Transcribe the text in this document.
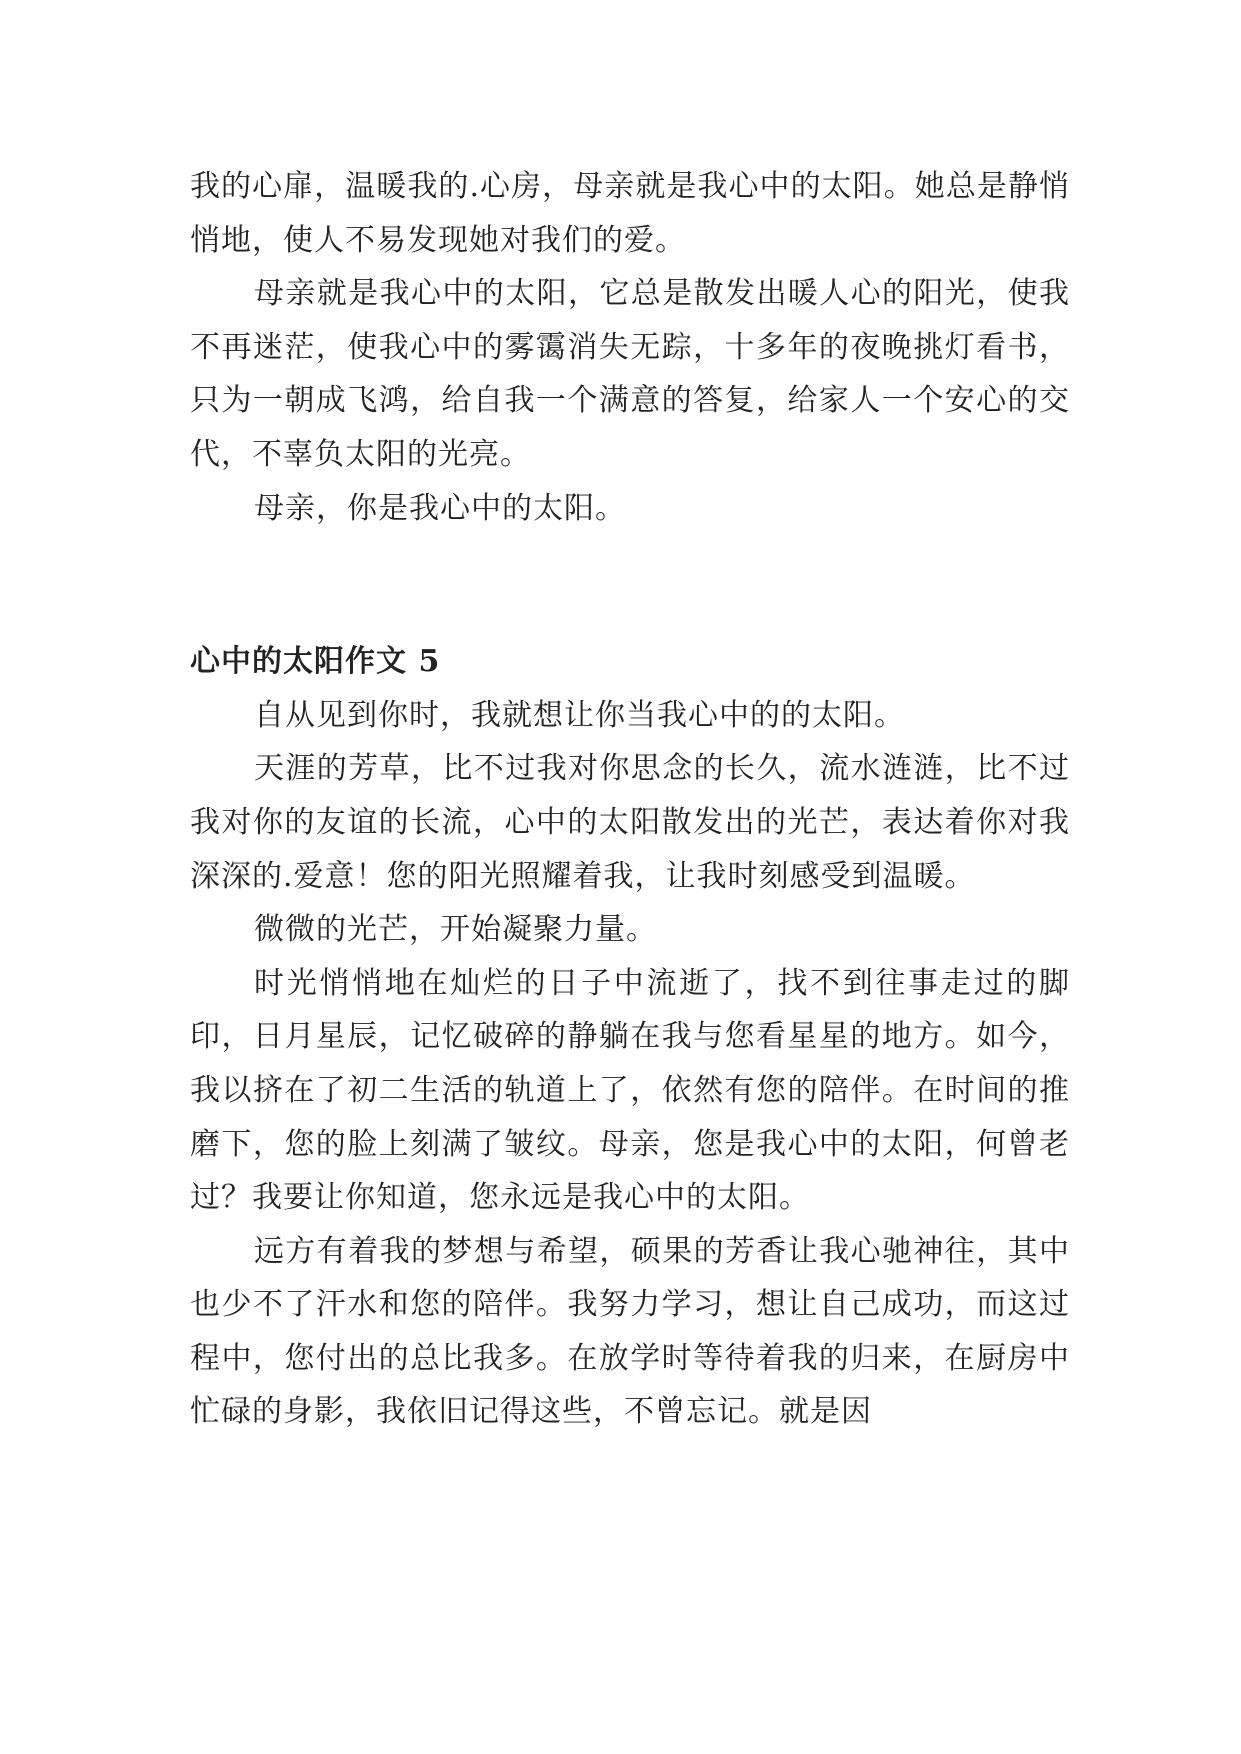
我的心扉，温暖我的.心房，母亲就是我心中的太阳。她总是静悄悄地，使人不易发现她对我们的爱。

母亲就是我心中的太阳，它总是散发出暖人心的阳光，使我不再迷茫，使我心中的雾霭消失无踪，十多年的夜晚挑灯看书，只为一朝成飞鸿，给自我一个满意的答复，给家人一个安心的交代，不辜负太阳的光亮。

母亲，你是我心中的太阳。

心中的太阳作文 5

自从见到你时，我就想让你当我心中的的太阳。

天涯的芳草，比不过我对你思念的长久，流水涟涟，比不过我对你的友谊的长流，心中的太阳散发出的光芒，表达着你对我深深的.爱意！您的阳光照耀着我，让我时刻感受到温暖。

微微的光芒，开始凝聚力量。

时光悄悄地在灿烂的日子中流逝了，找不到往事走过的脚印，日月星辰，记忆破碎的静躺在我与您看星星的地方。如今，我以挤在了初二生活的轨道上了，依然有您的陪伴。在时间的推磨下，您的脸上刻满了皱纹。母亲，您是我心中的太阳，何曾老过？我要让你知道，您永远是我心中的太阳。

远方有着我的梦想与希望，硕果的芳香让我心驰神往，其中也少不了汗水和您的陪伴。我努力学习，想让自己成功，而这过程中，您付出的总比我多。在放学时等待着我的归来，在厨房中忙碌的身影，我依旧记得这些，不曾忘记。就是因
